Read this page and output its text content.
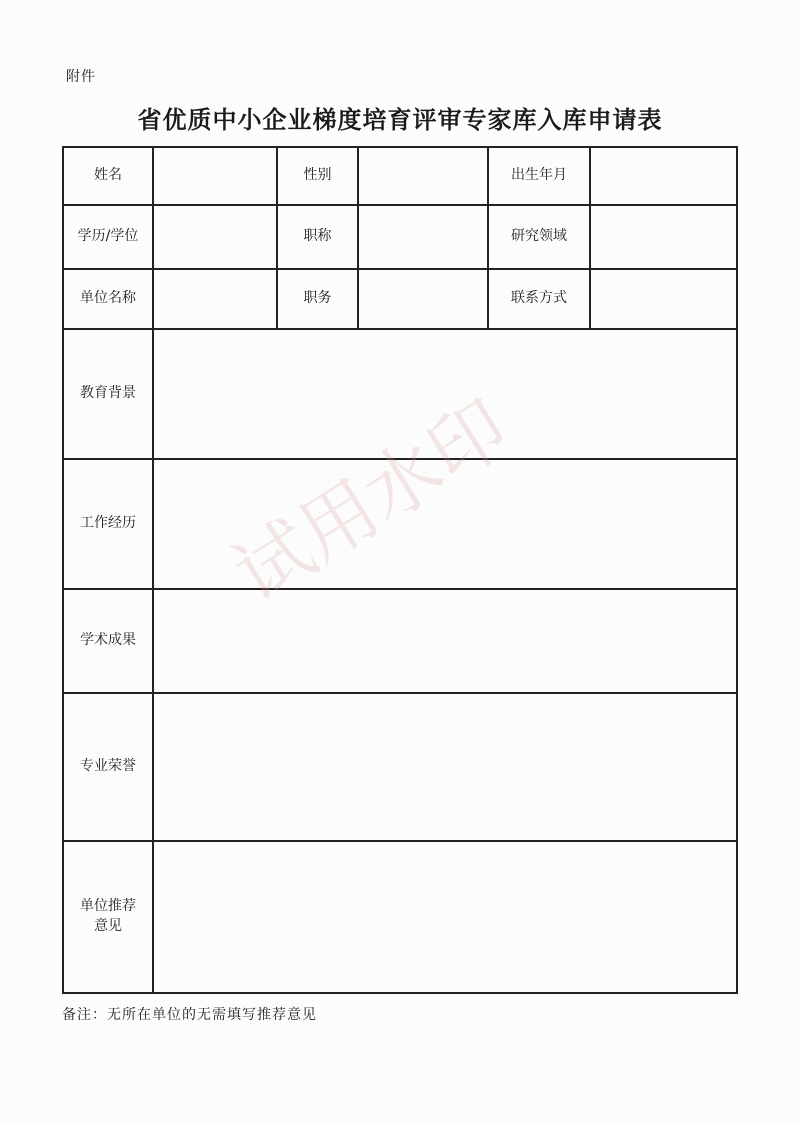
附件
省优质中小企业梯度培育评审专家库入库申请表
姓名	性别	出生年月
学历/学位	职称	研究领域
单位名称	职务	联系方式
教育背景
工作经历
学术成果
专业荣誉
单位推荐
意见
备注：无所在单位的无需填写推荐意见
试用水印
